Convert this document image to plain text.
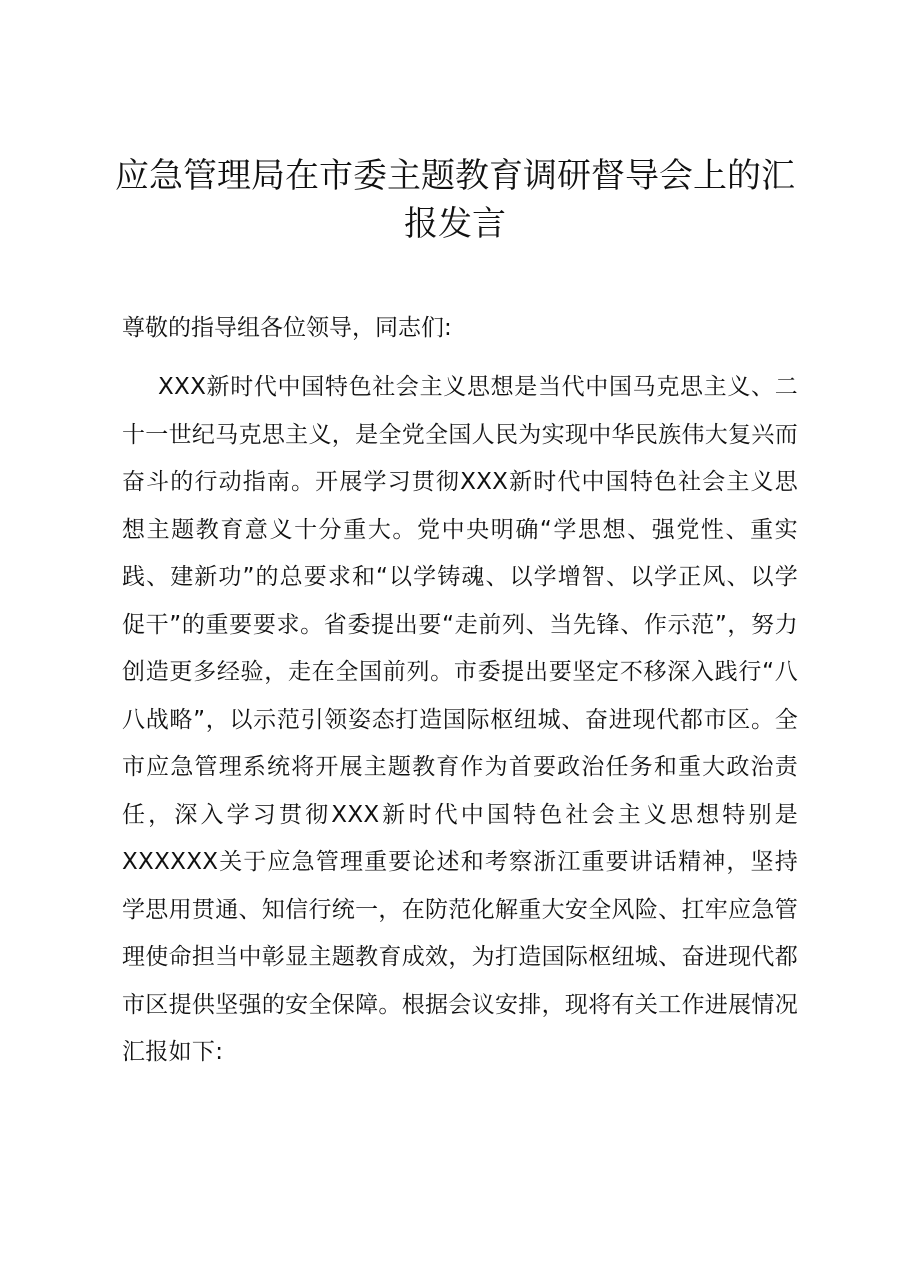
应急管理局在市委主题教育调研督导会上的汇报发言

尊敬的指导组各位领导，同志们:

XXX新时代中国特色社会主义思想是当代中国马克思主义、二十一世纪马克思主义，是全党全国人民为实现中华民族伟大复兴而奋斗的行动指南。开展学习贯彻XXX新时代中国特色社会主义思想主题教育意义十分重大。党中央明确“学思想、强党性、重实践、建新功”的总要求和“以学铸魂、以学增智、以学正风、以学促干”的重要要求。省委提出要“走前列、当先锋、作示范”，努力创造更多经验，走在全国前列。市委提出要坚定不移深入践行“八八战略”，以示范引领姿态打造国际枢纽城、奋进现代都市区。全市应急管理系统将开展主题教育作为首要政治任务和重大政治责任，深入学习贯彻XXX新时代中国特色社会主义思想特别是XXXXXX关于应急管理重要论述和考察浙江重要讲话精神，坚持学思用贯通、知信行统一，在防范化解重大安全风险、扛牢应急管理使命担当中彰显主题教育成效，为打造国际枢纽城、奋进现代都市区提供坚强的安全保障。根据会议安排，现将有关工作进展情况汇报如下:
